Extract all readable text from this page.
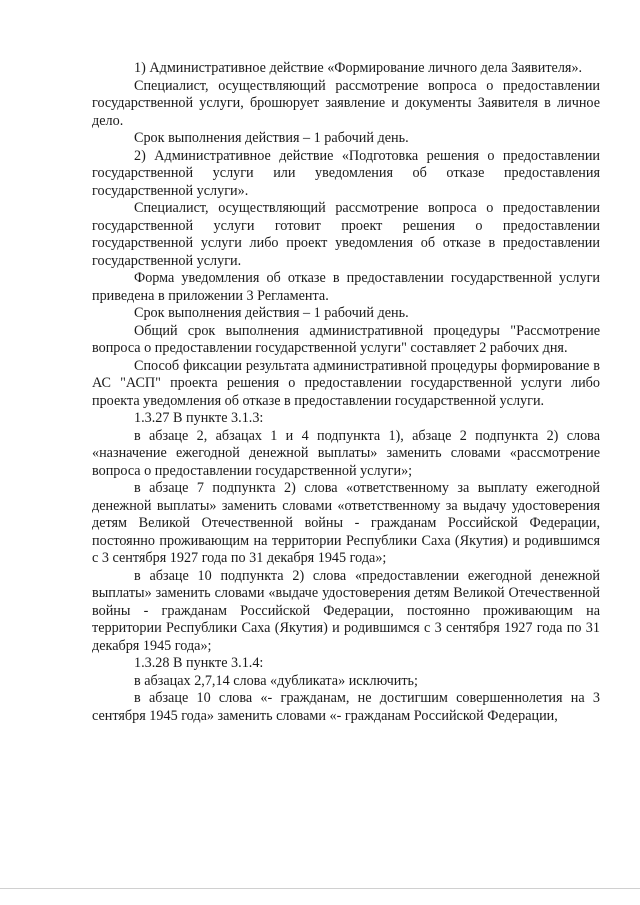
1) Административное действие «Формирование личного дела Заявителя».

Специалист, осуществляющий рассмотрение вопроса о предоставлении государственной услуги, брошюрует заявление и документы Заявителя в личное дело.

Срок выполнения действия – 1 рабочий день.

2) Административное действие «Подготовка решения о предоставлении государственной услуги или уведомления об отказе предоставления государственной услуги».

Специалист, осуществляющий рассмотрение вопроса о предоставлении государственной услуги готовит проект решения о предоставлении государственной услуги либо проект уведомления об отказе в предоставлении государственной услуги.

Форма уведомления об отказе в предоставлении государственной услуги приведена в приложении 3 Регламента.

Срок выполнения действия – 1 рабочий день.

Общий срок выполнения административной процедуры "Рассмотрение вопроса о предоставлении государственной услуги" составляет 2 рабочих дня.

Способ фиксации результата административной процедуры формирование в АС "АСП" проекта решения о предоставлении государственной услуги либо проекта уведомления об отказе в предоставлении государственной услуги.

1.3.27 В пункте 3.1.3:

в абзаце 2, абзацах 1 и 4 подпункта 1), абзаце 2 подпункта 2) слова «назначение ежегодной денежной выплаты» заменить словами «рассмотрение вопроса о предоставлении государственной услуги»;

в абзаце 7 подпункта 2) слова «ответственному за выплату ежегодной денежной выплаты» заменить словами «ответственному за выдачу удостоверения детям Великой Отечественной войны - гражданам Российской Федерации, постоянно проживающим на территории Республики Саха (Якутия) и родившимся с 3 сентября 1927 года по 31 декабря 1945 года»;

в абзаце 10 подпункта 2) слова «предоставлении ежегодной денежной выплаты» заменить словами «выдаче удостоверения детям Великой Отечественной войны - гражданам Российской Федерации, постоянно проживающим на территории Республики Саха (Якутия) и родившимся с 3 сентября 1927 года по 31 декабря 1945 года»;

1.3.28 В пункте 3.1.4:

в абзацах 2,7,14 слова «дубликата» исключить;

в абзаце 10 слова «- гражданам, не достигшим совершеннолетия на 3 сентября 1945 года» заменить словами «- гражданам Российской Федерации,
